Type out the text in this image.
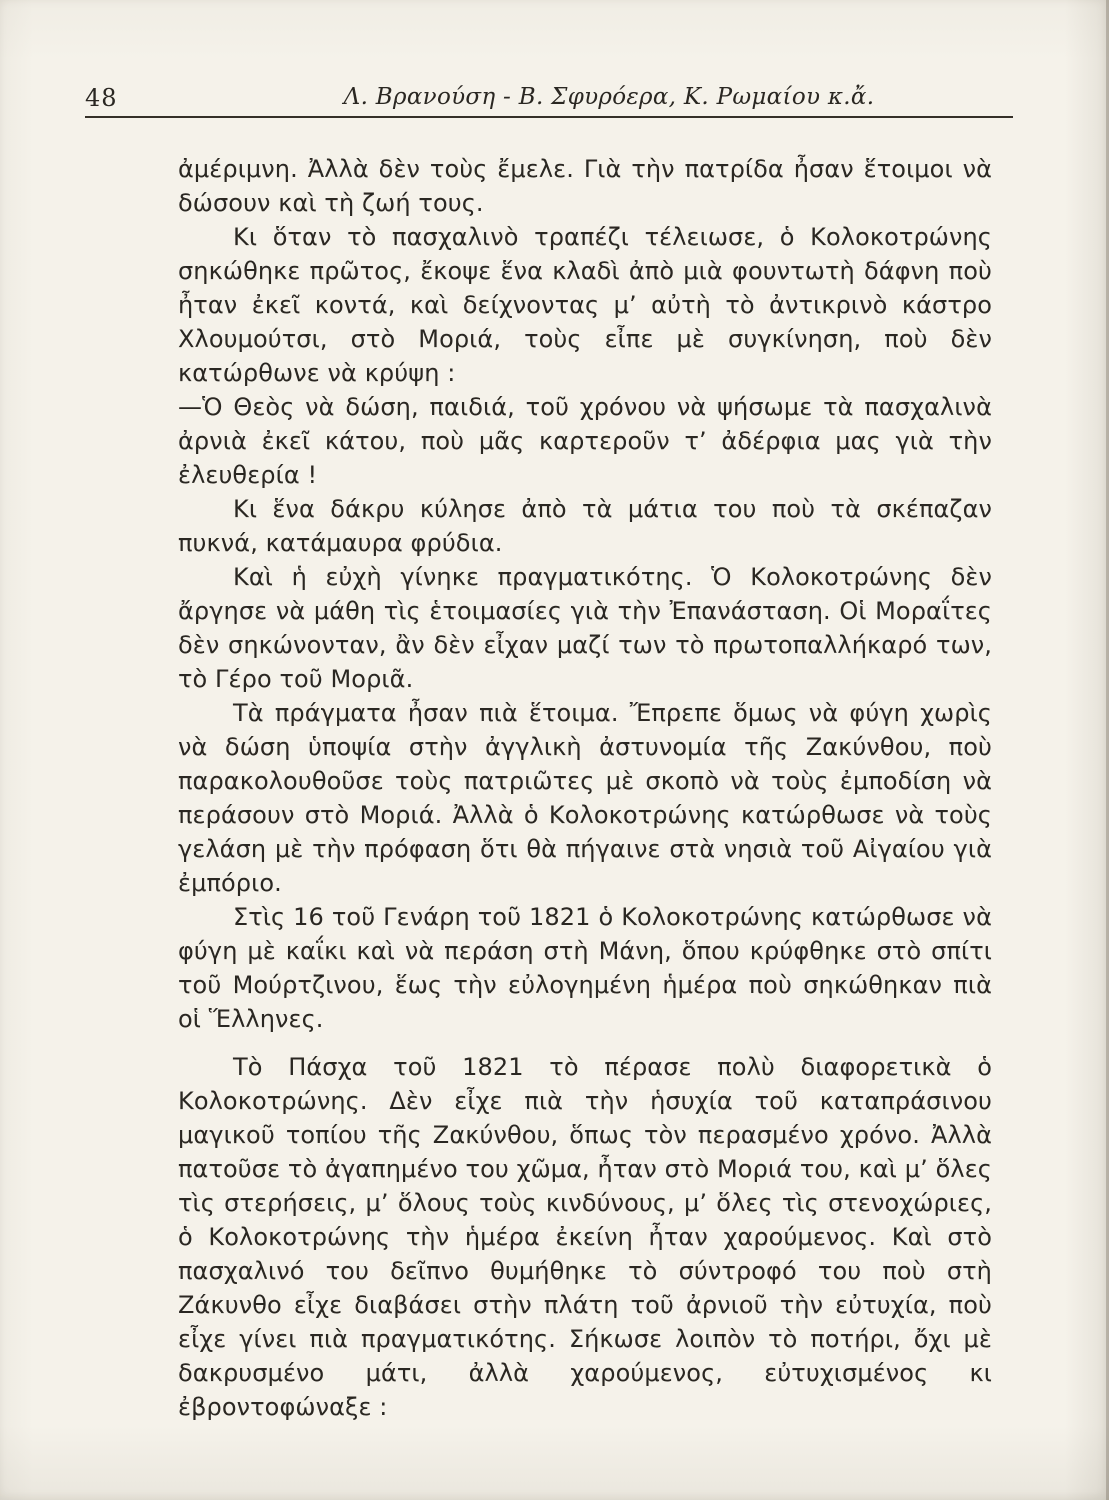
48	Λ. Βρανούση - Β. Σφυρόερα, Κ. Ρωμαίου κ.ἄ.

ἀμέριμνη. Ἀλλὰ δὲν τοὺς ἔμελε. Γιὰ τὴν πατρίδα ἦσαν ἕτοιμοι νὰ δώσουν καὶ τὴ ζωή τους.

Κι ὅταν τὸ πασχαλινὸ τραπέζι τέλειωσε, ὁ Κολοκοτρώνης σηκώθηκε πρῶτος, ἔκοψε ἕνα κλαδὶ ἀπὸ μιὰ φουντωτὴ δάφνη ποὺ ἦταν ἐκεῖ κοντά, καὶ δείχνοντας μ’ αὐτὴ τὸ ἀντικρινὸ κάστρο Χλουμούτσι, στὸ Μοριά, τοὺς εἶπε μὲ συγκίνηση, ποὺ δὲν κατώρθωνε νὰ κρύψη :

—Ὁ Θεὸς νὰ δώση, παιδιά, τοῦ χρόνου νὰ ψήσωμε τὰ πασχαλινὰ ἀρνιὰ ἐκεῖ κάτου, ποὺ μᾶς καρτεροῦν τ’ ἀδέρφια μας γιὰ τὴν ἐλευθερία !

Κι ἕνα δάκρυ κύλησε ἀπὸ τὰ μάτια του ποὺ τὰ σκέπαζαν πυκνά, κατάμαυρα φρύδια.

Καὶ ἡ εὐχὴ γίνηκε πραγματικότης. Ὁ Κολοκοτρώνης δὲν ἄργησε νὰ μάθη τὶς ἑτοιμασίες γιὰ τὴν Ἐπανάσταση. Οἱ Μοραΐτες δὲν σηκώνονταν, ἂν δὲν εἶχαν μαζί των τὸ πρωτοπαλλήκαρό των, τὸ Γέρο τοῦ Μοριᾶ.

Τὰ πράγματα ἦσαν πιὰ ἕτοιμα. Ἔπρεπε ὅμως νὰ φύγη χωρὶς νὰ δώση ὑποψία στὴν ἀγγλικὴ ἀστυνομία τῆς Ζακύνθου, ποὺ παρακολουθοῦσε τοὺς πατριῶτες μὲ σκοπὸ νὰ τοὺς ἐμποδίση νὰ περάσουν στὸ Μοριά. Ἀλλὰ ὁ Κολοκοτρώνης κατώρθωσε νὰ τοὺς γελάση μὲ τὴν πρόφαση ὅτι θὰ πήγαινε στὰ νησιὰ τοῦ Αἰγαίου γιὰ ἐμπόριο.

Στὶς 16 τοῦ Γενάρη τοῦ 1821 ὁ Κολοκοτρώνης κατώρθωσε νὰ φύγη μὲ καΐκι καὶ νὰ περάση στὴ Μάνη, ὅπου κρύφθηκε στὸ σπίτι τοῦ Μούρτζινου, ἕως τὴν εὐλογημένη ἡμέρα ποὺ σηκώθηκαν πιὰ οἱ Ἕλληνες.

Τὸ Πάσχα τοῦ 1821 τὸ πέρασε πολὺ διαφορετικὰ ὁ Κολοκοτρώνης. Δὲν εἶχε πιὰ τὴν ἡσυχία τοῦ καταπράσινου μαγικοῦ τοπίου τῆς Ζακύνθου, ὅπως τὸν περασμένο χρόνο. Ἀλλὰ πατοῦσε τὸ ἀγαπημένο του χῶμα, ἦταν στὸ Μοριά του, καὶ μ’ ὅλες τὶς στερήσεις, μ’ ὅλους τοὺς κινδύνους, μ’ ὅλες τὶς στενοχώριες, ὁ Κολοκοτρώνης τὴν ἡμέρα ἐκείνη ἦταν χαρούμενος. Καὶ στὸ πασχαλινό του δεῖπνο θυμήθηκε τὸ σύντροφό του ποὺ στὴ Ζάκυνθο εἶχε διαβάσει στὴν πλάτη τοῦ ἀρνιοῦ τὴν εὐτυχία, ποὺ εἶχε γίνει πιὰ πραγματικότης. Σήκωσε λοιπὸν τὸ ποτήρι, ὄχι μὲ δακρυσμένο μάτι, ἀλλὰ χαρούμενος, εὐτυχισμένος κι ἐβροντοφώναξε :
